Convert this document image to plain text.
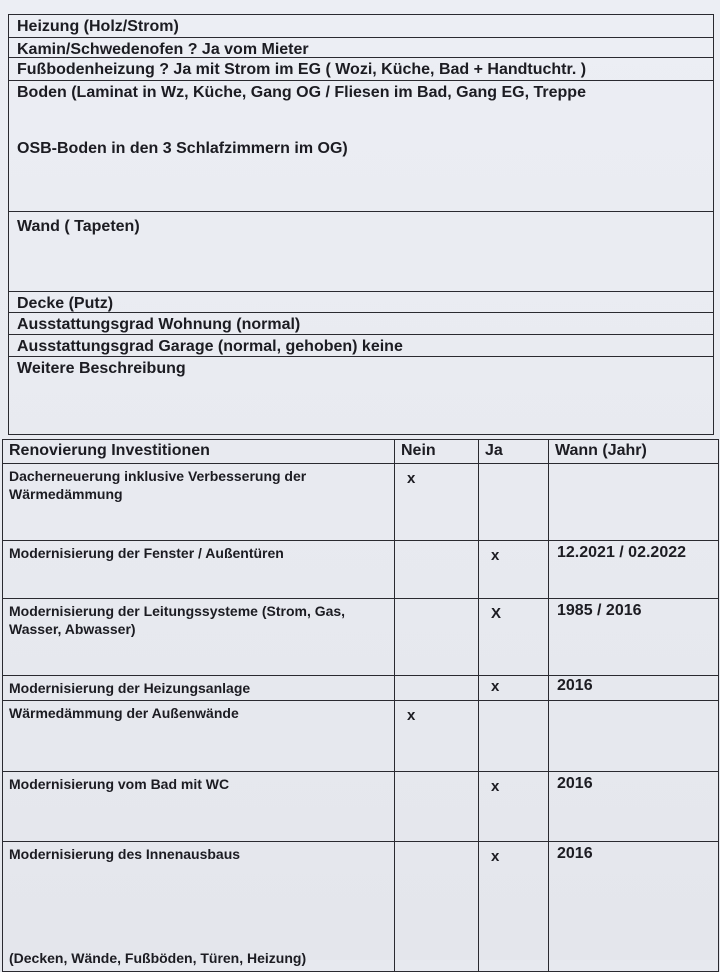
Heizung (Holz/Strom)
Kamin/Schwedenofen ? Ja vom Mieter
Fußbodenheizung ? Ja mit Strom im EG ( Wozi, Küche, Bad + Handtuchtr. )
Boden (Laminat in Wz, Küche, Gang OG / Fliesen im Bad, Gang EG, Treppe
OSB-Boden in den 3 Schlafzimmern im OG)
Wand ( Tapeten)
Decke (Putz)
Ausstattungsgrad Wohnung (normal)
Ausstattungsgrad Garage (normal, gehoben) keine
Weitere Beschreibung
Renovierung Investitionen	Nein	Ja	Wann (Jahr)
Dacherneuerung inklusive Verbesserung der Wärmedämmung	x		
Modernisierung der Fenster / Außentüren		x	12.2021 / 02.2022
Modernisierung der Leitungssysteme (Strom, Gas, Wasser, Abwasser)		X	1985 / 2016
Modernisierung der Heizungsanlage		x	2016
Wärmedämmung der Außenwände	x		
Modernisierung vom Bad mit WC		x	2016

Modernisierung des Innenausbaus
(Decken, Wände, Fußböden, Türen, Heizung)		x	2016
